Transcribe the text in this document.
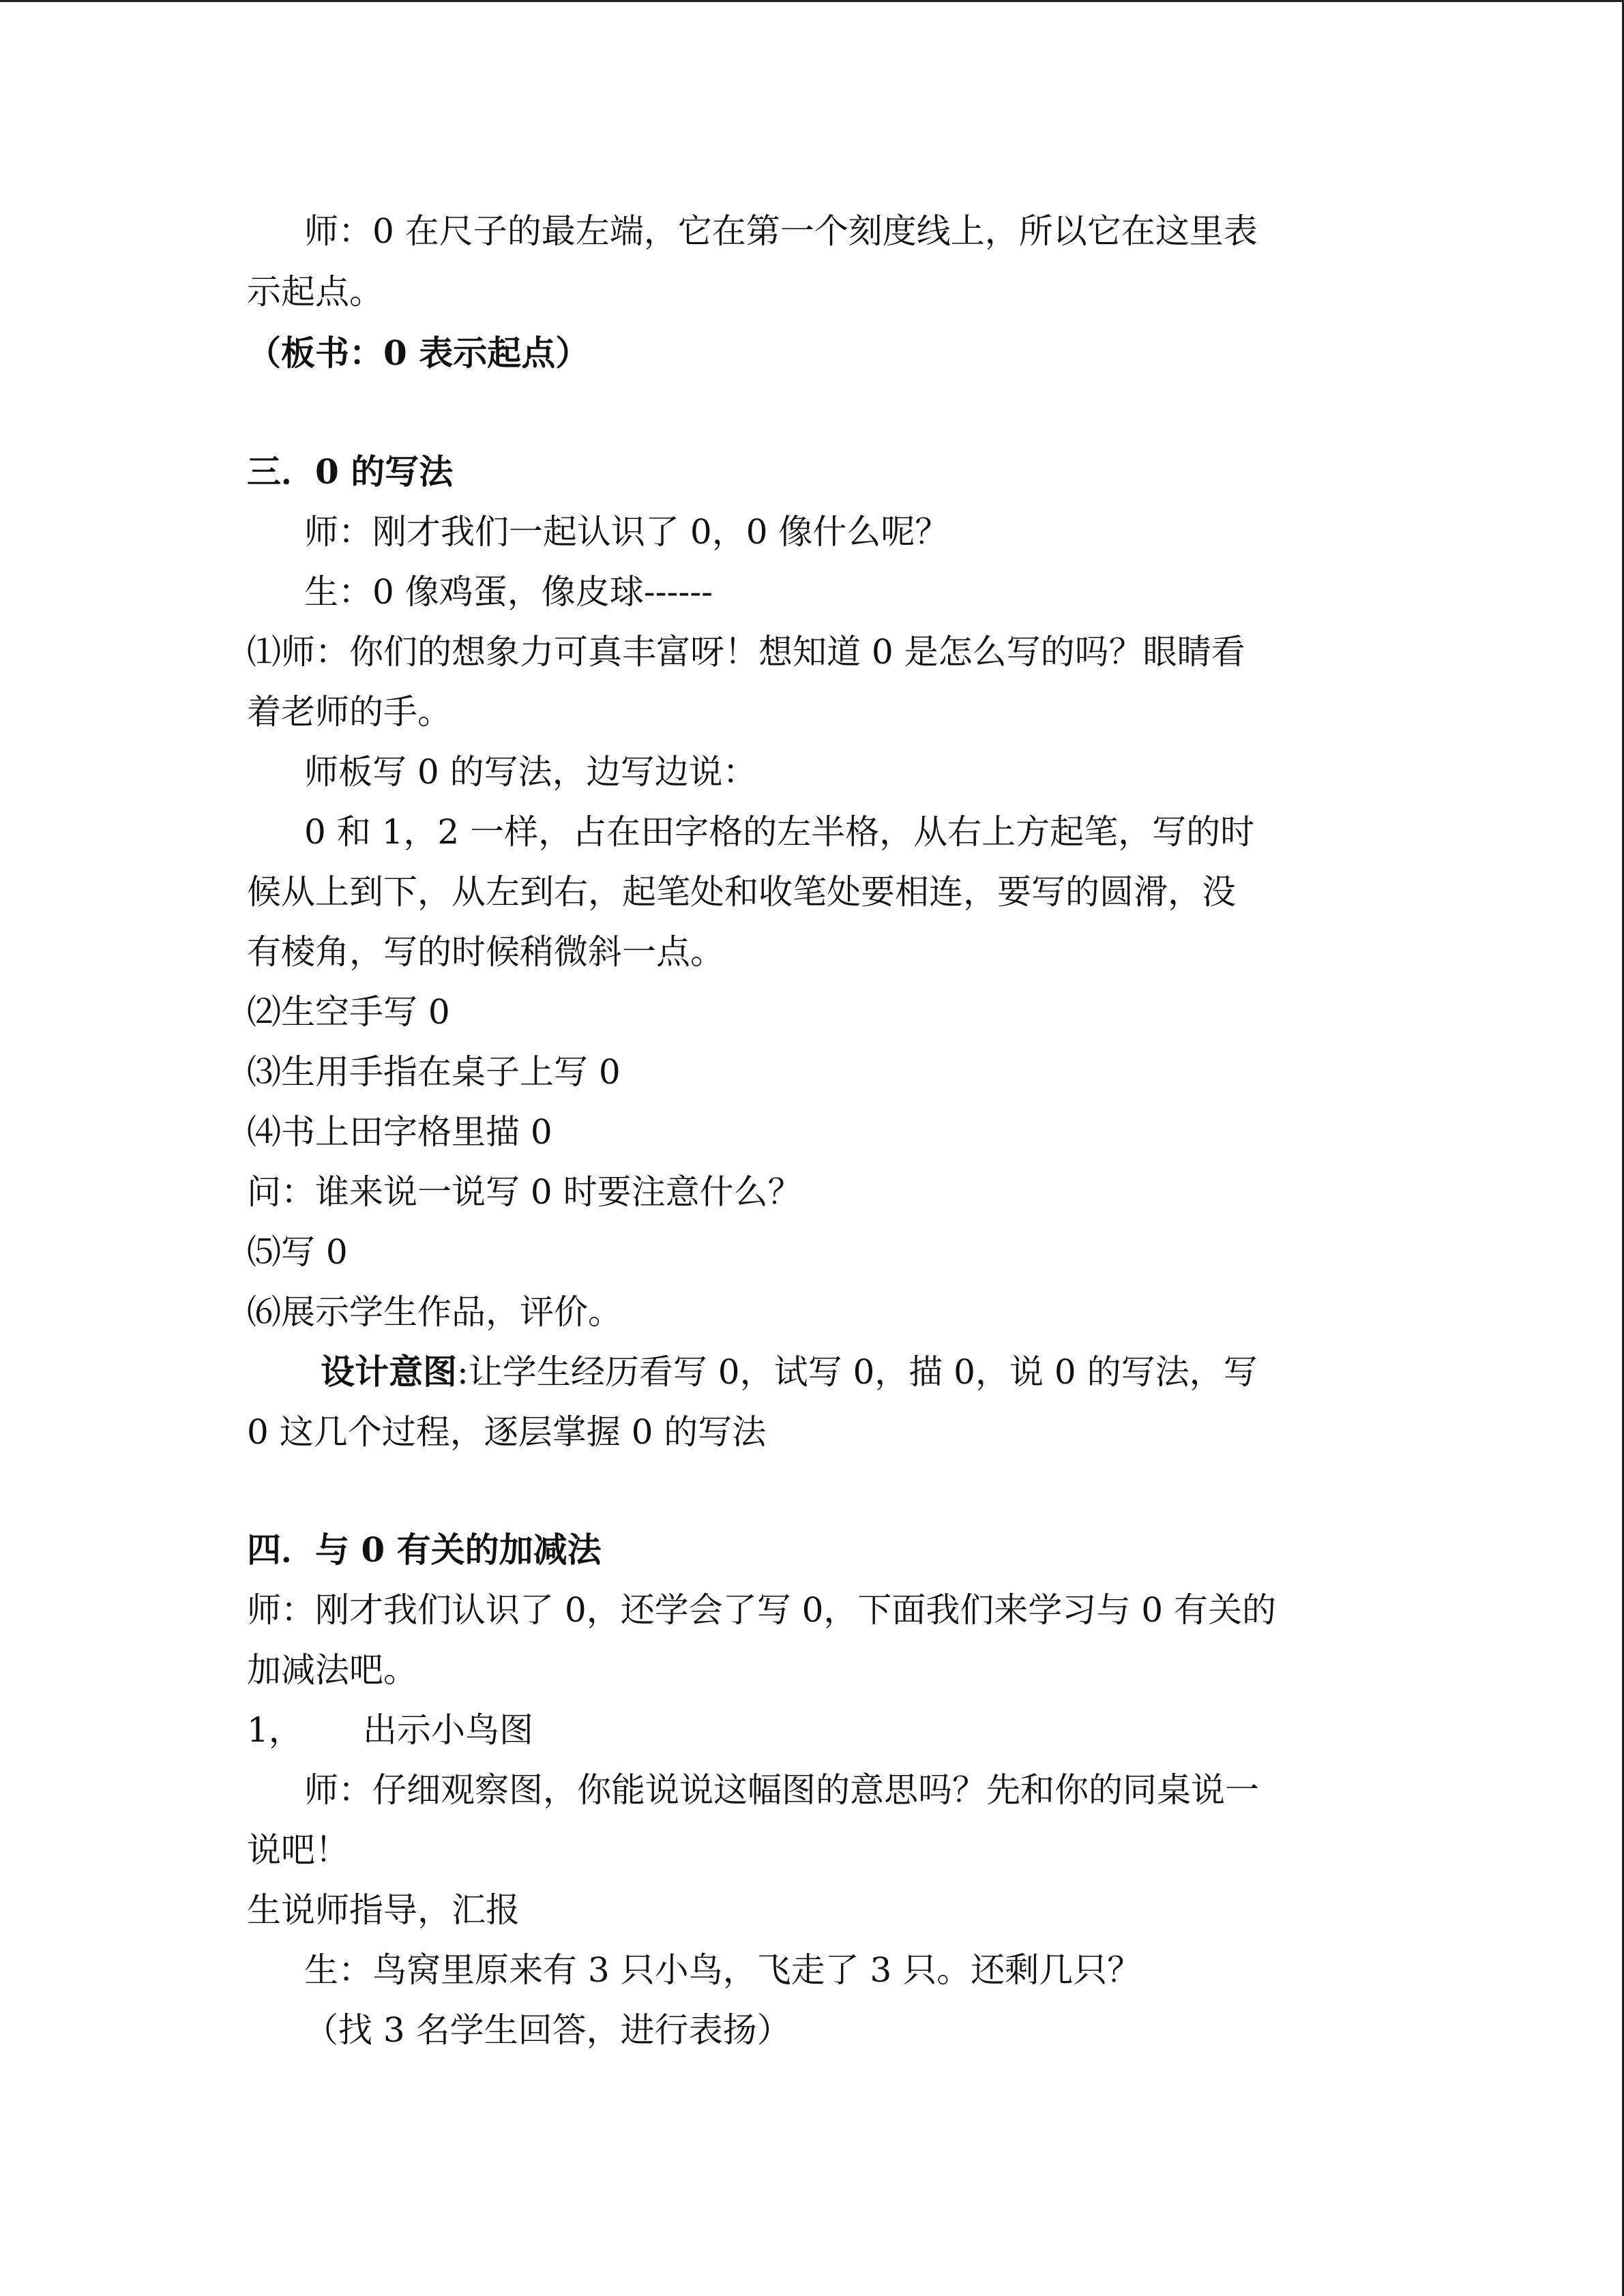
师：0 在尺子的最左端，它在第一个刻度线上，所以它在这里表
示起点。
（板书：0 表示起点）
三．0 的写法
师：刚才我们一起认识了 0，0 像什么呢？
生：0 像鸡蛋，像皮球------
⑴师：你们的想象力可真丰富呀！想知道 0 是怎么写的吗？眼睛看
着老师的手。
师板写 0 的写法，边写边说：
0 和 1，2 一样，占在田字格的左半格，从右上方起笔，写的时
候从上到下，从左到右，起笔处和收笔处要相连，要写的圆滑，没
有棱角，写的时候稍微斜一点。
⑵生空手写 0
⑶生用手指在桌子上写 0
⑷书上田字格里描 0
问：谁来说一说写 0 时要注意什么？
⑸写 0
⑹展示学生作品，评价。
设计意图:让学生经历看写 0，试写 0，描 0，说 0 的写法，写
0 这几个过程，逐层掌握 0 的写法
四．与 0 有关的加减法
师：刚才我们认识了 0，还学会了写 0，下面我们来学习与 0 有关的
加减法吧。
1， 出示小鸟图
师：仔细观察图，你能说说这幅图的意思吗？先和你的同桌说一
说吧！
生说师指导，汇报
生：鸟窝里原来有 3 只小鸟，飞走了 3 只。还剩几只？
（找 3 名学生回答，进行表扬）
